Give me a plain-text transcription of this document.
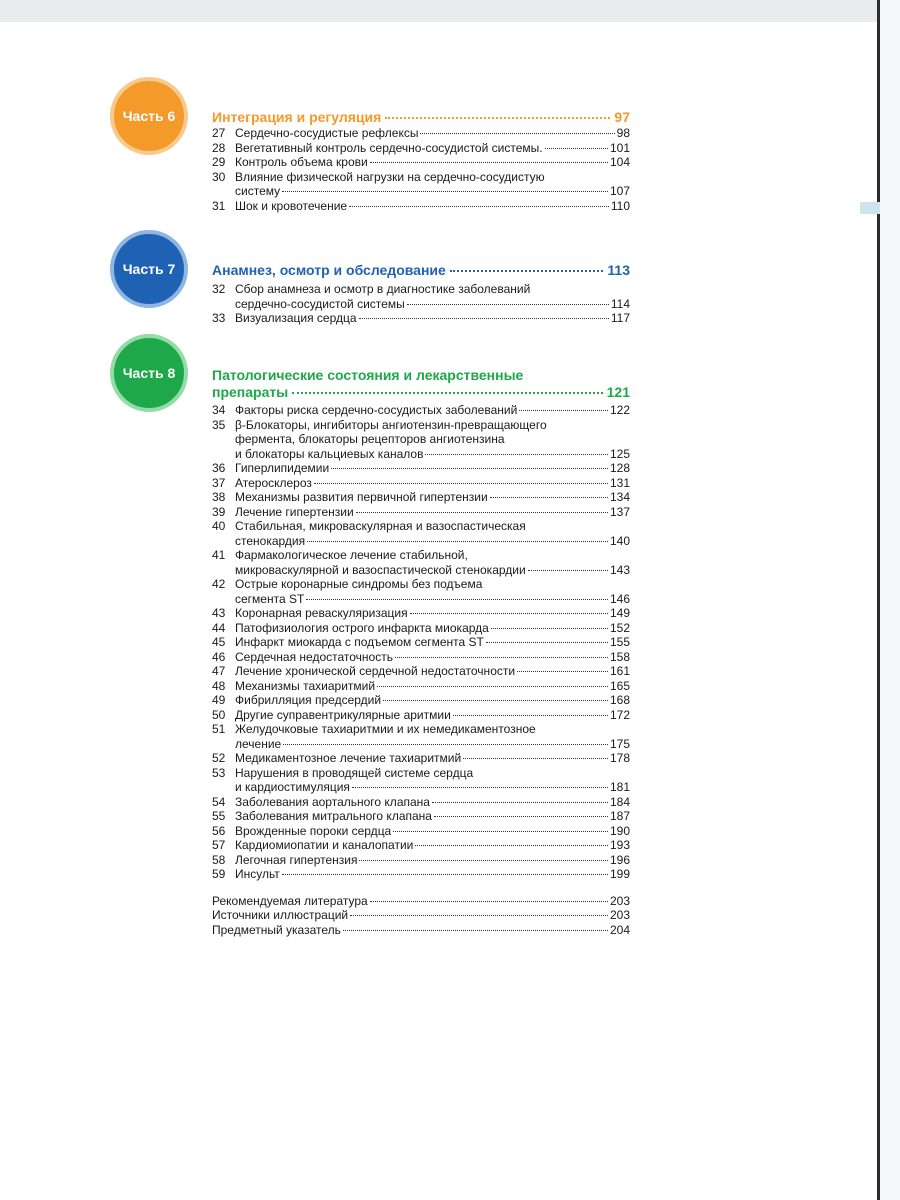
Часть 6
Часть 7
Часть 8
Интеграция и регуляция	97
27 Сердечно-сосудистые рефлексы	98
28 Вегетативный контроль сердечно-сосудистой системы.	101
29 Контроль объема крови	104
30 Влияние физической нагрузки на сердечно-сосудистую
систему	107
31 Шок и кровотечение	110
Анамнез, осмотр и обследование	113
32 Сбор анамнеза и осмотр в диагностике заболеваний
сердечно-сосудистой системы	114
33 Визуализация сердца	117
Патологические состояния и лекарственные
препараты	121
34 Факторы риска сердечно-сосудистых заболеваний	122
35 β-Блокаторы, ингибиторы ангиотензин-превращающего
фермента, блокаторы рецепторов ангиотензина
и блокаторы кальциевых каналов	125
36 Гиперлипидемии	128
37 Атеросклероз	131
38 Механизмы развития первичной гипертензии	134
39 Лечение гипертензии	137
40 Стабильная, микроваскулярная и вазоспастическая
стенокардия	140
41 Фармакологическое лечение стабильной,
микроваскулярной и вазоспастической стенокардии	143
42 Острые коронарные синдромы без подъема
сегмента ST	146
43 Коронарная реваскуляризация	149
44 Патофизиология острого инфаркта миокарда	152
45 Инфаркт миокарда с подъемом сегмента ST	155
46 Сердечная недостаточность	158
47 Лечение хронической сердечной недостаточности	161
48 Механизмы тахиаритмий	165
49 Фибрилляция предсердий	168
50 Другие суправентрикулярные аритмии	172
51 Желудочковые тахиаритмии и их немедикаментозное
лечение	175
52 Медикаментозное лечение тахиаритмий	178
53 Нарушения в проводящей системе сердца
и кардиостимуляция	181
54 Заболевания аортального клапана	184
55 Заболевания митрального клапана	187
56 Врожденные пороки сердца	190
57 Кардиомиопатии и каналопатии	193
58 Легочная гипертензия	196
59 Инсульт	199
Рекомендуемая литература	203
Источники иллюстраций	203
Предметный указатель	204
